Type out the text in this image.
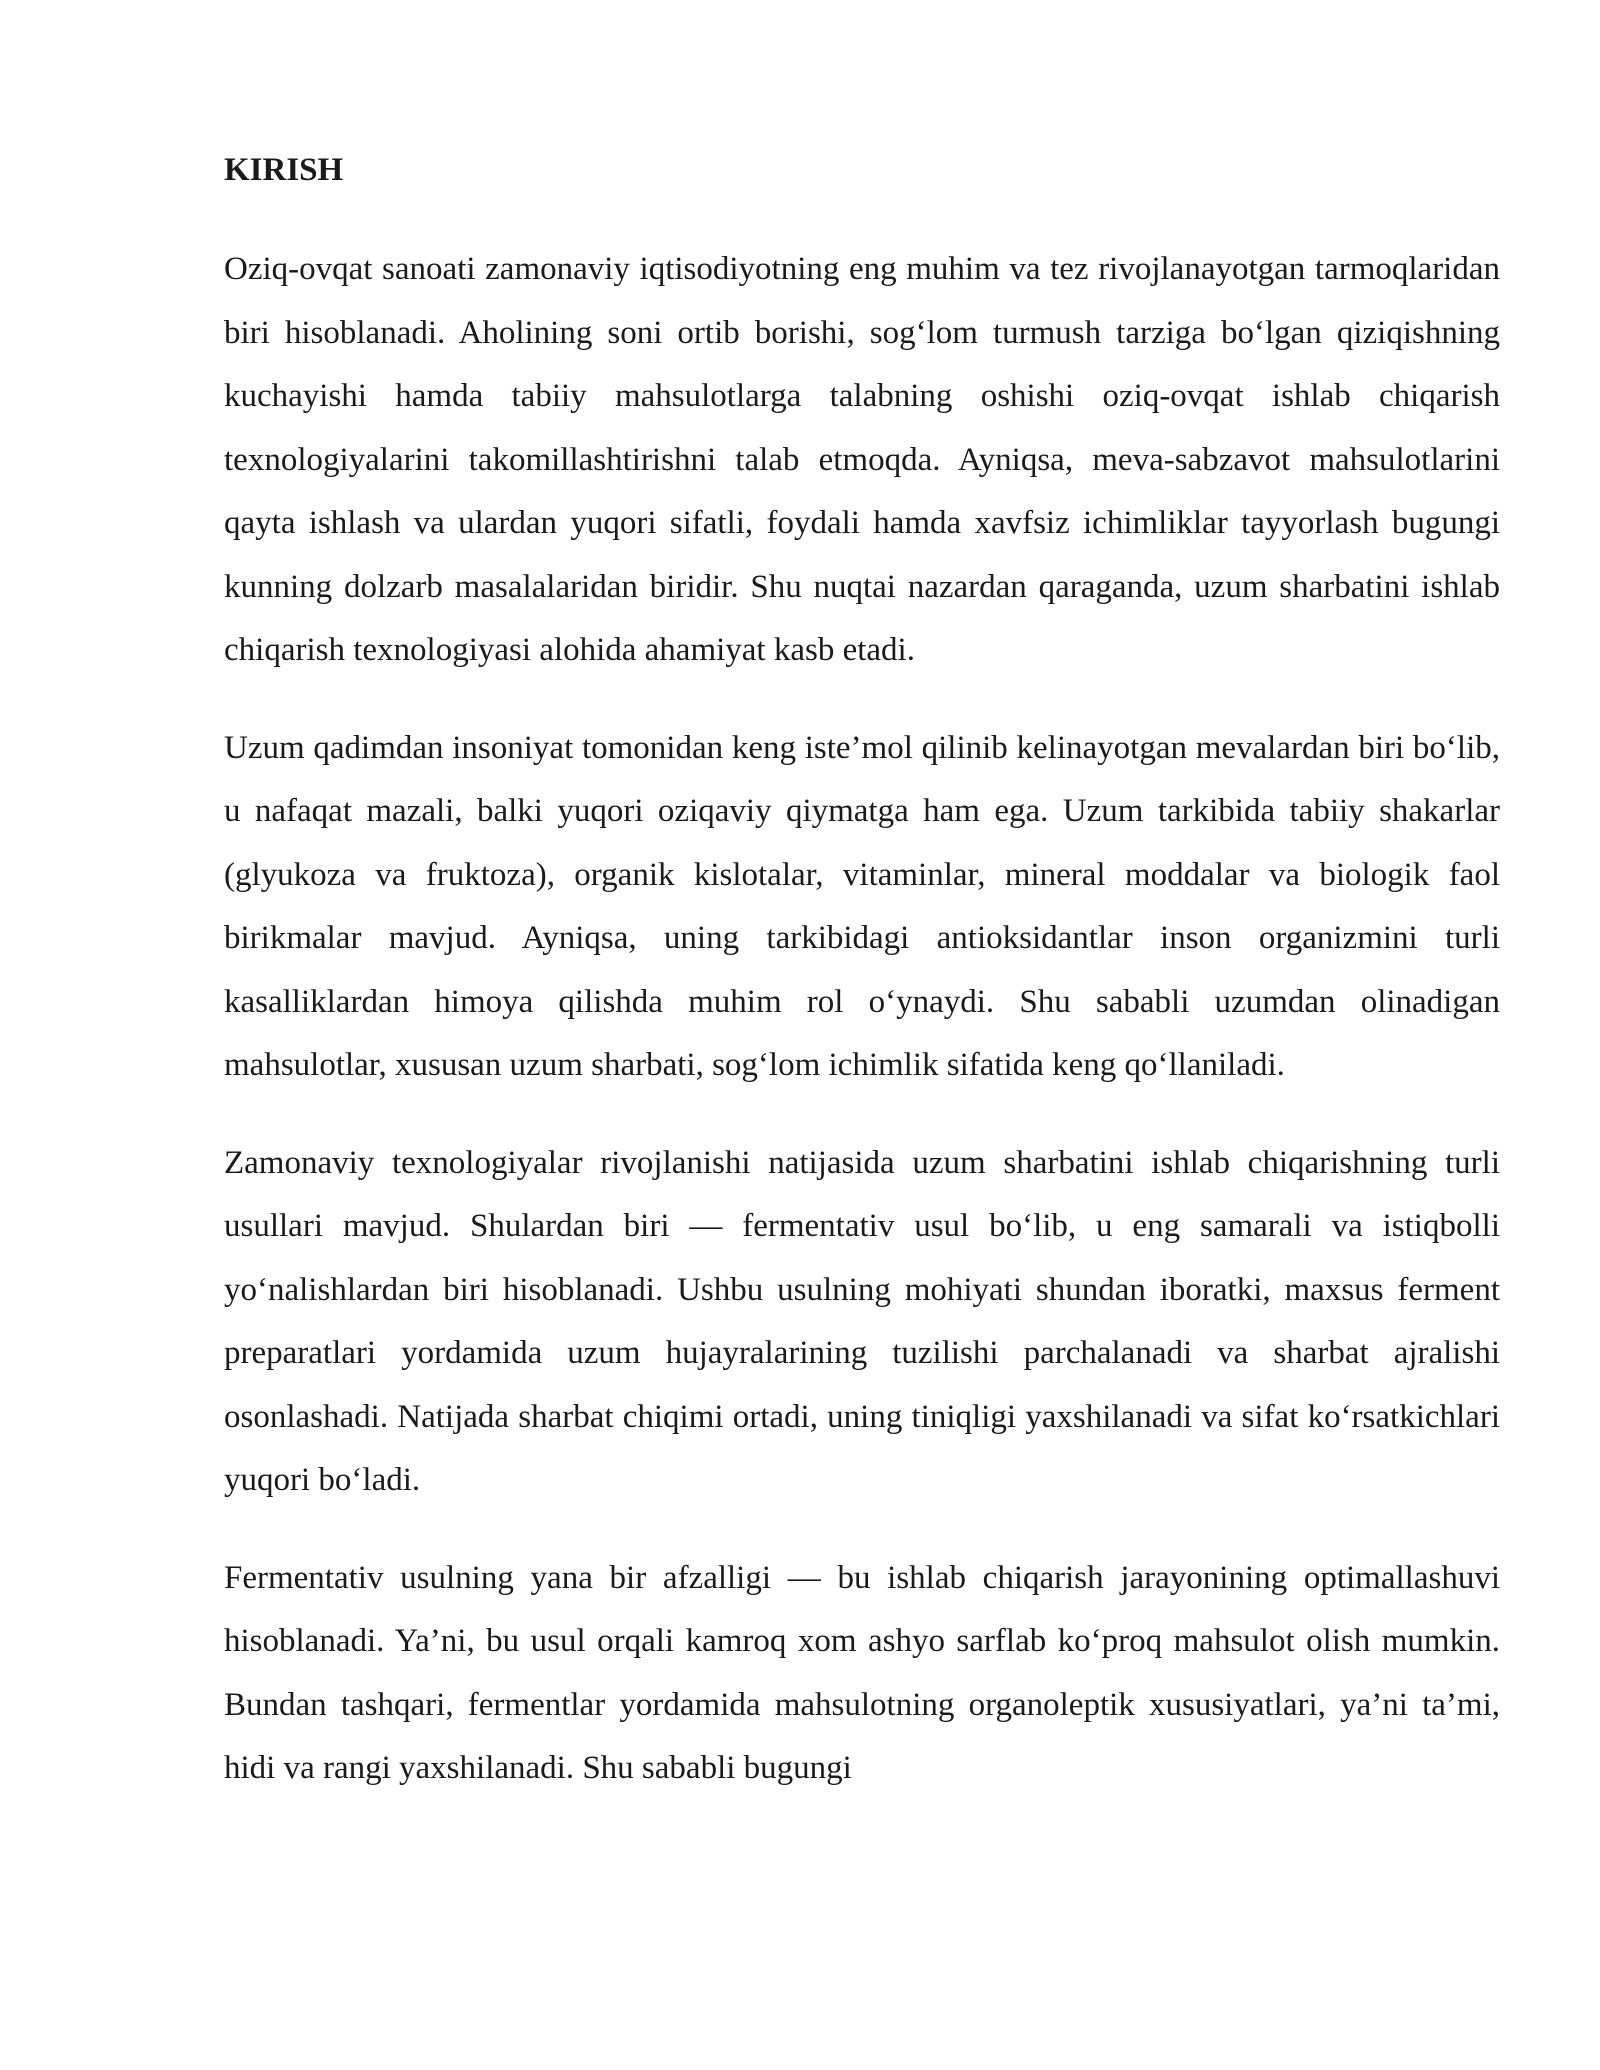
KIRISH

Oziq-ovqat sanoati zamonaviy iqtisodiyotning eng muhim va tez rivojlanayotgan tarmoqlaridan biri hisoblanadi. Aholining soni ortib borishi, sog‘lom turmush tarziga bo‘lgan qiziqishning kuchayishi hamda tabiiy mahsulotlarga talabning oshishi oziq-ovqat ishlab chiqarish texnologiyalarini takomillashtirishni talab etmoqda. Ayniqsa, meva-sabzavot mahsulotlarini qayta ishlash va ulardan yuqori sifatli, foydali hamda xavfsiz ichimliklar tayyorlash bugungi kunning dolzarb masalalaridan biridir. Shu nuqtai nazardan qaraganda, uzum sharbatini ishlab chiqarish texnologiyasi alohida ahamiyat kasb etadi.

Uzum qadimdan insoniyat tomonidan keng iste’mol qilinib kelinayotgan mevalardan biri bo‘lib, u nafaqat mazali, balki yuqori oziqaviy qiymatga ham ega. Uzum tarkibida tabiiy shakarlar (glyukoza va fruktoza), organik kislotalar, vitaminlar, mineral moddalar va biologik faol birikmalar mavjud. Ayniqsa, uning tarkibidagi antioksidantlar inson organizmini turli kasalliklardan himoya qilishda muhim rol o‘ynaydi. Shu sababli uzumdan olinadigan mahsulotlar, xususan uzum sharbati, sog‘lom ichimlik sifatida keng qo‘llaniladi.

Zamonaviy texnologiyalar rivojlanishi natijasida uzum sharbatini ishlab chiqarishning turli usullari mavjud. Shulardan biri — fermentativ usul bo‘lib, u eng samarali va istiqbolli yo‘nalishlardan biri hisoblanadi. Ushbu usulning mohiyati shundan iboratki, maxsus ferment preparatlari yordamida uzum hujayralarining tuzilishi parchalanadi va sharbat ajralishi osonlashadi. Natijada sharbat chiqimi ortadi, uning tiniqligi yaxshilanadi va sifat ko‘rsatkichlari yuqori bo‘ladi.

Fermentativ usulning yana bir afzalligi — bu ishlab chiqarish jarayonining optimallashuvi hisoblanadi. Ya’ni, bu usul orqali kamroq xom ashyo sarflab ko‘proq mahsulot olish mumkin. Bundan tashqari, fermentlar yordamida mahsulotning organoleptik xususiyatlari, ya’ni ta’mi, hidi va rangi yaxshilanadi. Shu sababli bugungi
